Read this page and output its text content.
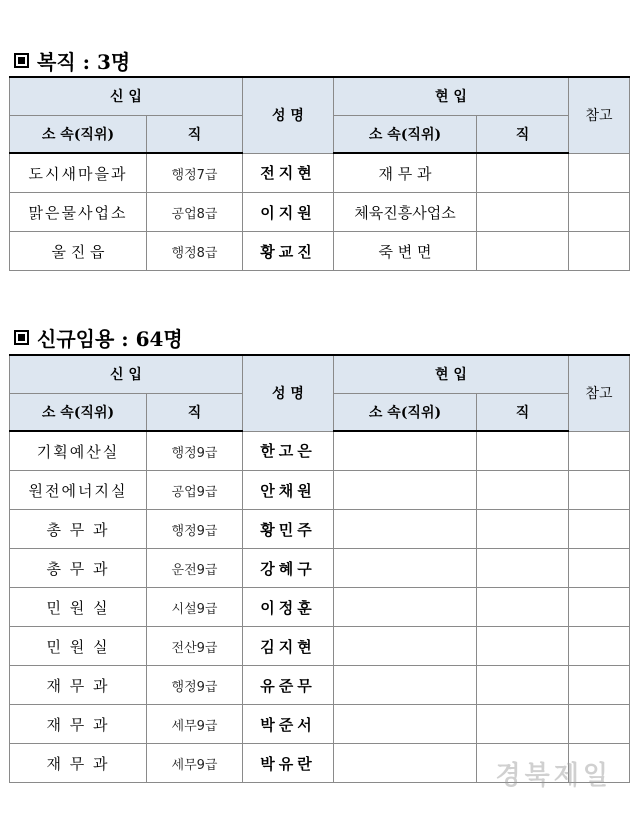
복직 : 3명
신 입		성 명	현 입		참고
소 속(직위)	직		소 속(직위)	직	
도시새마을과	행정7급	전지현	재 무 과		
맑은물사업소	공업8급	이지원	체육진흥사업소		
울 진 읍	행정8급	황교진	죽 변 면		
신규임용 : 64명
신 입		성 명	현 입		참고
소 속(직위)	직		소 속(직위)	직	
기획예산실	행정9급	한고은			
원전에너지실	공업9급	안채원			
총 무 과	행정9급	황민주			
총 무 과	운전9급	강혜구			
민 원 실	시설9급	이정훈			
민 원 실	전산9급	김지현			
재 무 과	행정9급	유준무			
재 무 과	세무9급	박준서			
재 무 과	세무9급	박유란				경북제일
